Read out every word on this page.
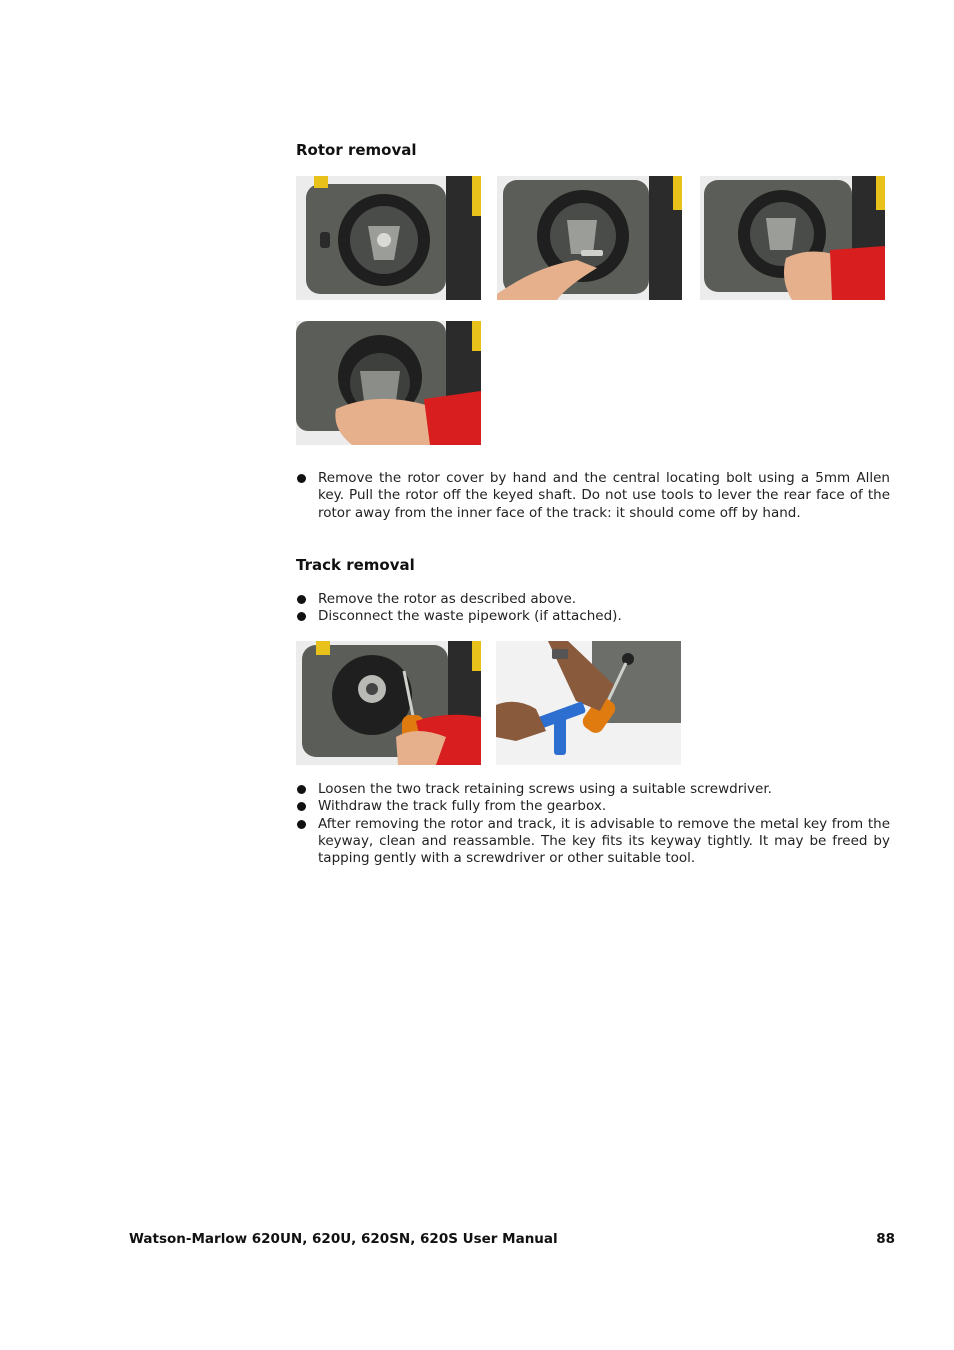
Rotor removal
Remove the rotor cover by hand and the central locating bolt using a 5mm Allen key. Pull the rotor off the keyed shaft. Do not use tools to lever the rear face of the rotor away from the inner face of the track: it should come off by hand.
Track removal
Remove the rotor as described above.
Disconnect the waste pipework (if attached).
Loosen the two track retaining screws using a suitable screwdriver.
Withdraw the track fully from the gearbox.
After removing the rotor and track, it is advisable to remove the metal key from the keyway, clean and reassamble. The key fits its keyway tightly. It may be freed by tapping gently with a screwdriver or other suitable tool.
Watson-Marlow 620UN, 620U, 620SN, 620S User Manual	88
